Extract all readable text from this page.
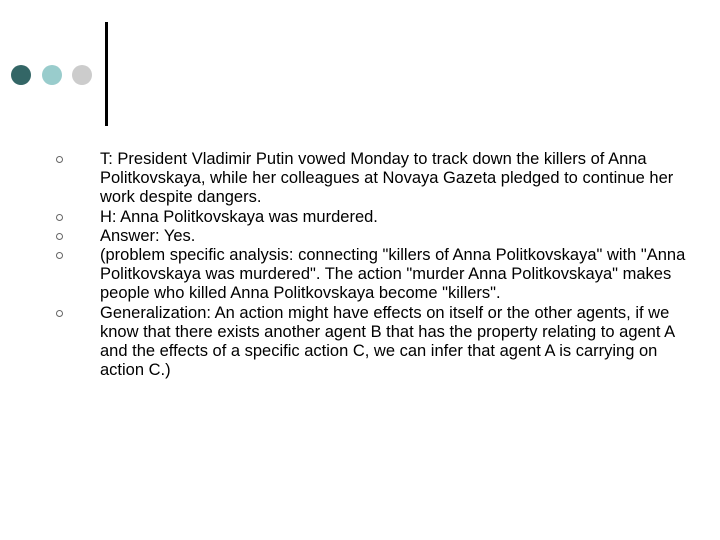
T: President Vladimir Putin vowed Monday to track down the killers of Anna Politkovskaya, while her colleagues at Novaya Gazeta pledged to continue her work despite dangers.
H: Anna Politkovskaya was murdered.
Answer: Yes.
(problem specific analysis: connecting "killers of Anna Politkovskaya" with "Anna Politkovskaya was murdered". The action "murder Anna Politkovskaya" makes people who killed Anna Politkovskaya become "killers".
Generalization: An action might have effects on itself or the other agents, if we know that there exists another agent B that has the property relating to agent A and the effects of a specific action C, we can infer that agent A is carrying on action C.)
